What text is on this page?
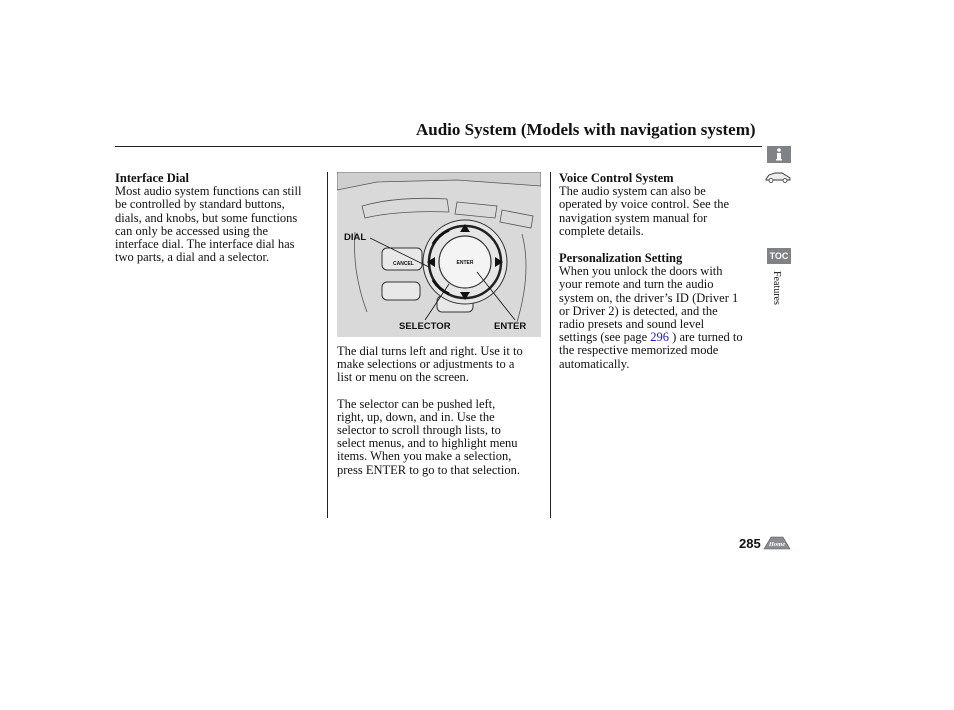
Audio System (Models with navigation system)
Interface Dial
Most audio system functions can still
be controlled by standard buttons,
dials, and knobs, but some functions
can only be accessed using the
interface dial. The interface dial has
two parts, a dial and a selector.
DIAL
SELECTOR	ENTER
CANCEL	ENTER
The dial turns left and right. Use it to
make selections or adjustments to a
list or menu on the screen.
The selector can be pushed left,
right, up, down, and in. Use the
selector to scroll through lists, to
select menus, and to highlight menu
items. When you make a selection,
press ENTER to go to that selection.
Voice Control System
The audio system can also be
operated by voice control. See the
navigation system manual for
complete details.
Personalization Setting
When you unlock the doors with
your remote and turn the audio
system on, the driver’s ID (Driver 1
or Driver 2) is detected, and the
radio presets and sound level
settings (see page 296 ) are turned to
the respective memorized mode
automatically.
TOC
Features
285 Home
